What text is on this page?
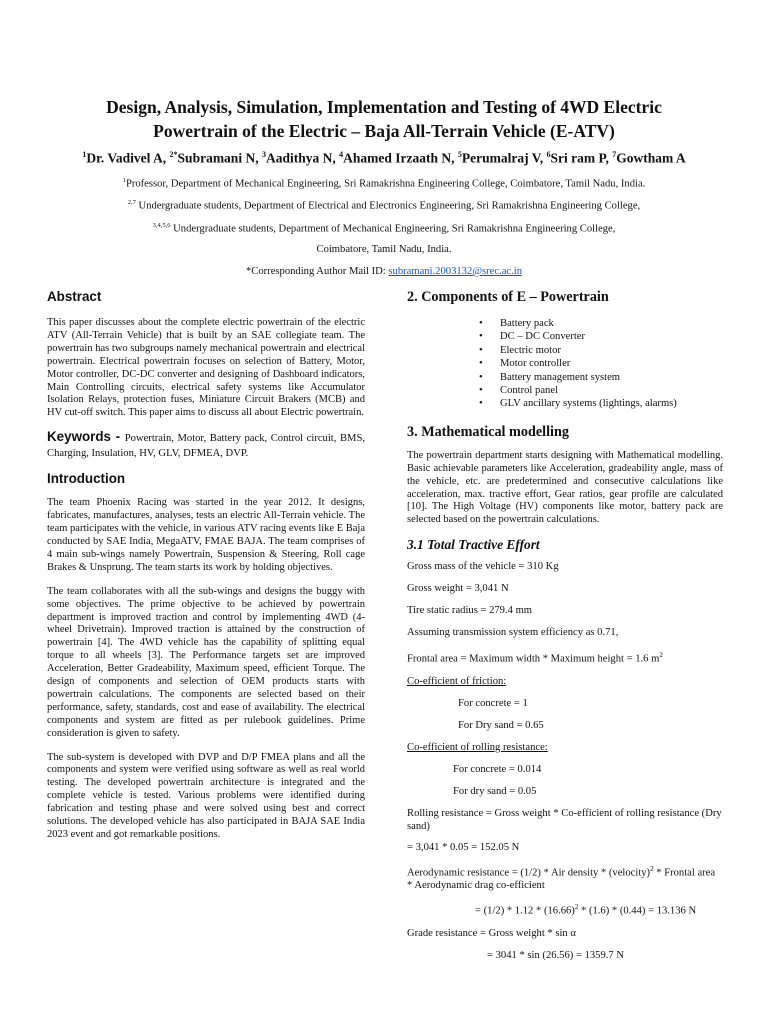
Design, Analysis, Simulation, Implementation and Testing of 4WD Electric
Powertrain of the Electric – Baja All-Terrain Vehicle (E-ATV)
$^1$Dr. Vadivel A, $^{2*}$Subramani N, $^3$Aadithya N, $^4$Ahamed Irzaath N, $^5$Perumalraj V, $^6$Sri ram P, $^7$Gowtham A
$^1$Professor, Department of Mechanical Engineering, Sri Ramakrishna Engineering College, Coimbatore, Tamil Nadu, India.
$^{2,7}$ Undergraduate students, Department of Electrical and Electronics Engineering, Sri Ramakrishna Engineering College,
$^{3,4,5,6}$ Undergraduate students, Department of Mechanical Engineering, Sri Ramakrishna Engineering College,
Coimbatore, Tamil Nadu, India.
*Corresponding Author Mail ID: subramani.2003132@srec.ac.in
Abstract

This paper discusses about the complete electric powertrain of the electric ATV (All-Terrain Vehicle) that is built by an SAE collegiate team. The powertrain has two subgroups namely mechanical powertrain and electrical powertrain. Electrical powertrain focuses on selection of Battery, Motor, Motor controller, DC-DC converter and designing of Dashboard indicators, Main Controlling circuits, electrical safety systems like Accumulator Isolation Relays, protection fuses, Miniature Circuit Brakers (MCB) and HV cut-off switch. This paper aims to discuss all about Electric powertrain.

Keywords - Powertrain, Motor, Battery pack, Control circuit, BMS, Charging, Insulation, HV, GLV, DFMEA, DVP.

Introduction

The team Phoenix Racing was started in the year 2012. It designs, fabricates, manufactures, analyses, tests an electric All-Terrain vehicle. The team participates with the vehicle, in various ATV racing events like E Baja conducted by SAE India, MegaATV, FMAE BAJA. The team comprises of 4 main sub-wings namely Powertrain, Suspension & Steering, Roll cage Brakes & Unsprung. The team starts its work by holding objectives.

The team collaborates with all the sub-wings and designs the buggy with some objectives. The prime objective to be achieved by powertrain department is improved traction and control by implementing 4WD (4-wheel Drivetrain). Improved traction is attained by the construction of powertrain [4]. The 4WD vehicle has the capability of splitting equal torque to all wheels [3]. The Performance targets set are improved Acceleration, Better Gradeability, Maximum speed, efficient Torque. The design of components and selection of OEM products starts with powertrain calculations. The components are selected based on their performance, safety, standards, cost and ease of availability. The electrical components and system are fitted as per rulebook guidelines. Prime consideration is given to safety.

The sub-system is developed with DVP and D/P FMEA plans and all the components and system were verified using software as well as real world testing. The developed powertrain architecture is integrated and the complete vehicle is tested. Various problems were identified during fabrication and testing phase and were solved using best and correct solutions. The developed vehicle has also participated in BAJA SAE India 2023 event and got remarkable positions.

2. Components of E – Powertrain
• Battery pack
• DC – DC Converter
• Electric motor
• Motor controller
• Battery management system
• Control panel
• GLV ancillary systems (lightings, alarms)
3. Mathematical modelling

The powertrain department starts designing with Mathematical modelling. Basic achievable parameters like Acceleration, gradeability angle, mass of the vehicle, etc. are predetermined and consecutive calculations like acceleration, max. tractive effort, Gear ratios, gear profile are calculated [10]. The High Voltage (HV) components like motor, battery pack are selected based on the powertrain calculations.

3.1 Total Tractive Effort

Gross mass of the vehicle = 310 Kg

Gross weight = 3,041 N

Tire static radius = 279.4 mm

Assuming transmission system efficiency as 0.71,

Frontal area = Maximum width * Maximum height = 1.6 $m^2$

Co-efficient of friction:

For concrete = 1

For Dry sand = 0.65

Co-efficient of rolling resistance:

For concrete = 0.014

For dry sand = 0.05

Rolling resistance = Gross weight * Co-efficient of rolling resistance (Dry sand)

= 3,041 * 0.05 = 152.05 N

Aerodynamic resistance = (1/2) * Air density * (velocity)$^2$ * Frontal area * Aerodynamic drag co-efficient

= $(1/2) * 1.12 * (16.66)^2 * (1.6) * (0.44) = 13.136$ N

Grade resistance = Gross weight * sin α

= 3041 * sin (26.56) = 1359.7 N
